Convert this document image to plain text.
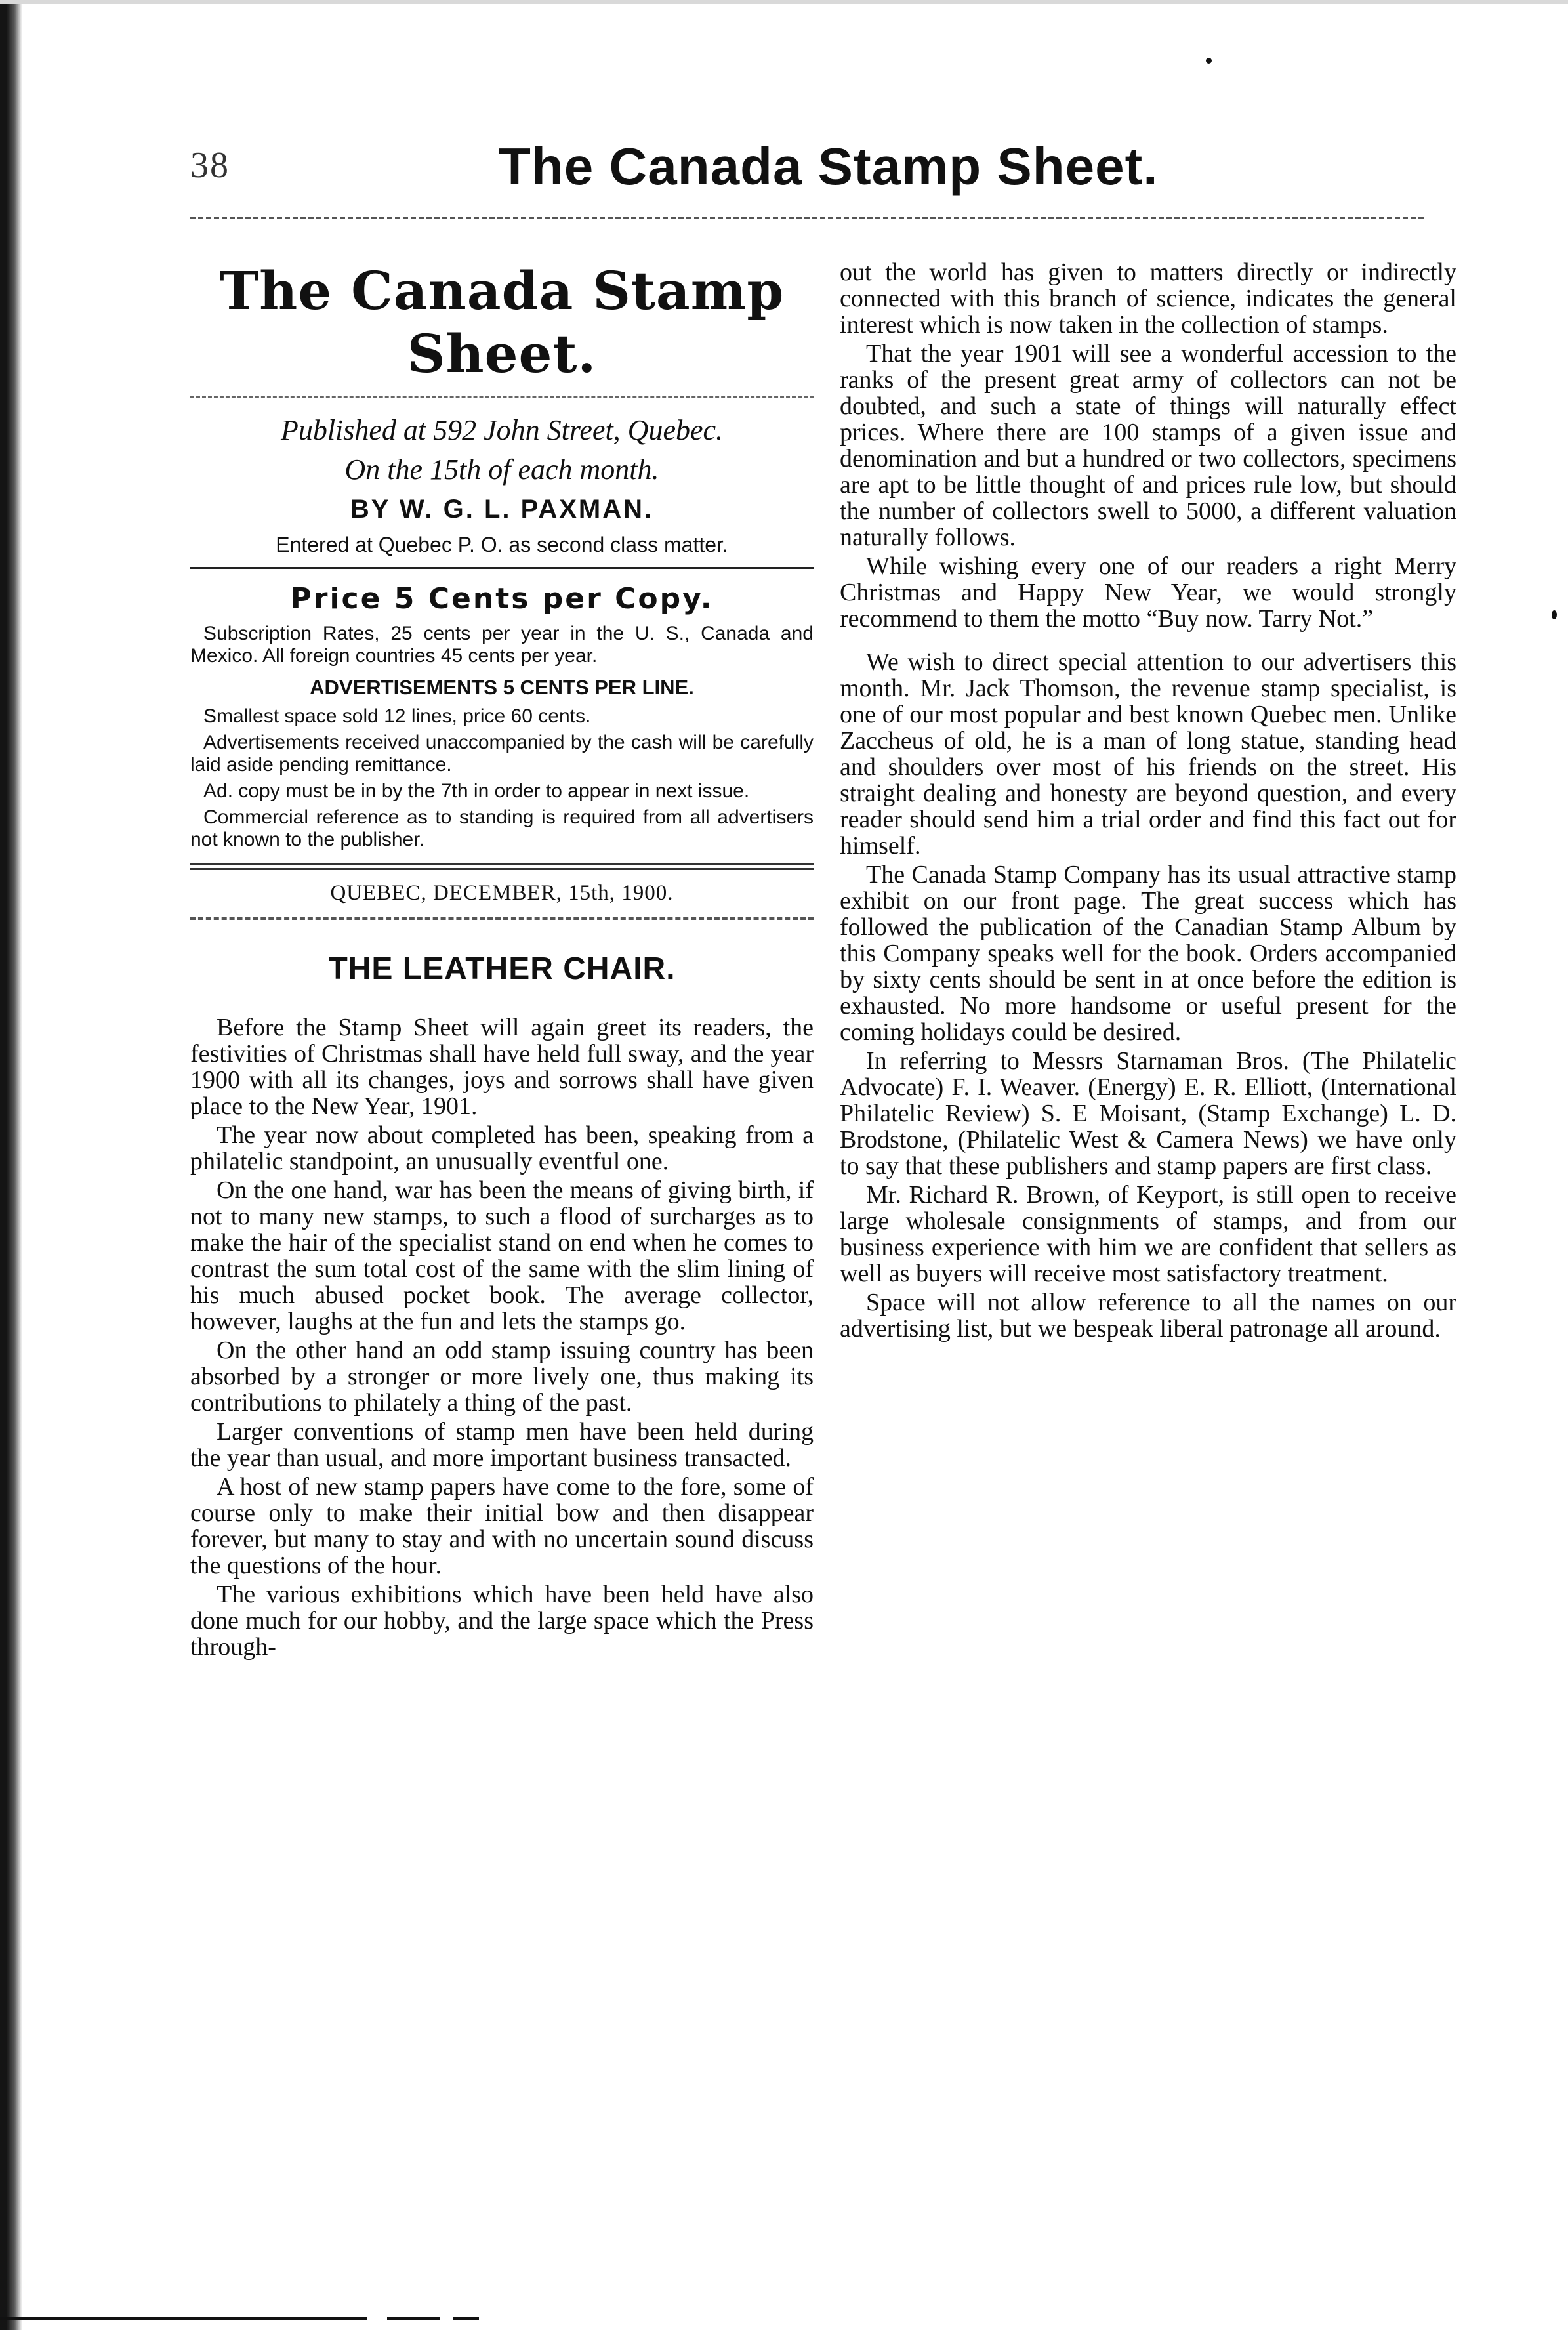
38	The Canada Stamp Sheet.
The Canada Stamp Sheet.
Published at 592 John Street, Quebec.
On the 15th of each month.
BY W. G. L. PAXMAN.
Entered at Quebec P. O. as second class matter.
Price 5 Cents per Copy.

Subscription Rates, 25 cents per year in the U. S., Canada and Mexico. All foreign countries 45 cents per year.

ADVERTISEMENTS 5 CENTS PER LINE.

Smallest space sold 12 lines, price 60 cents.

Advertisements received unaccompanied by the cash will be carefully laid aside pending remittance.

Ad. copy must be in by the 7th in order to appear in next issue.

Commercial reference as to standing is required from all advertisers not known to the publisher.

QUEBEC, DECEMBER, 15th, 1900.
THE LEATHER CHAIR.

Before the Stamp Sheet will again greet its readers, the festivities of Christmas shall have held full sway, and the year 1900 with all its changes, joys and sorrows shall have given place to the New Year, 1901.

The year now about completed has been, speaking from a philatelic standpoint, an unusually eventful one.

On the one hand, war has been the means of giving birth, if not to many new stamps, to such a flood of surcharges as to make the hair of the specialist stand on end when he comes to contrast the sum total cost of the same with the slim lining of his much abused pocket book. The average collector, however, laughs at the fun and lets the stamps go.

On the other hand an odd stamp issuing country has been absorbed by a stronger or more lively one, thus making its contributions to philately a thing of the past.

Larger conventions of stamp men have been held during the year than usual, and more important business transacted.

A host of new stamp papers have come to the fore, some of course only to make their initial bow and then disappear forever, but many to stay and with no uncertain sound discuss the questions of the hour.

The various exhibitions which have been held have also done much for our hobby, and the large space which the Press through-

out the world has given to matters directly or indirectly connected with this branch of science, indicates the general interest which is now taken in the collection of stamps.

That the year 1901 will see a wonderful accession to the ranks of the present great army of collectors can not be doubted, and such a state of things will naturally effect prices. Where there are 100 stamps of a given issue and denomination and but a hundred or two collectors, specimens are apt to be little thought of and prices rule low, but should the number of collectors swell to 5000, a different valuation naturally follows.

While wishing every one of our readers a right Merry Christmas and Happy New Year, we would strongly recommend to them the motto “Buy now. Tarry Not.”

We wish to direct special attention to our advertisers this month. Mr. Jack Thomson, the revenue stamp specialist, is one of our most popular and best known Quebec men. Unlike Zaccheus of old, he is a man of long statue, standing head and shoulders over most of his friends on the street. His straight dealing and honesty are beyond question, and every reader should send him a trial order and find this fact out for himself.

The Canada Stamp Company has its usual attractive stamp exhibit on our front page. The great success which has followed the publication of the Canadian Stamp Album by this Company speaks well for the book. Orders accompanied by sixty cents should be sent in at once before the edition is exhausted. No more handsome or useful present for the coming holidays could be desired.

In referring to Messrs Starnaman Bros. (The Philatelic Advocate) F. I. Weaver. (Energy) E. R. Elliott, (International Philatelic Review) S. E Moisant, (Stamp Exchange) L. D. Brodstone, (Philatelic West & Camera News) we have only to say that these publishers and stamp papers are first class.

Mr. Richard R. Brown, of Keyport, is still open to receive large wholesale consignments of stamps, and from our business experience with him we are confident that sellers as well as buyers will receive most satisfactory treatment.

Space will not allow reference to all the names on our advertising list, but we bespeak liberal patronage all around.
